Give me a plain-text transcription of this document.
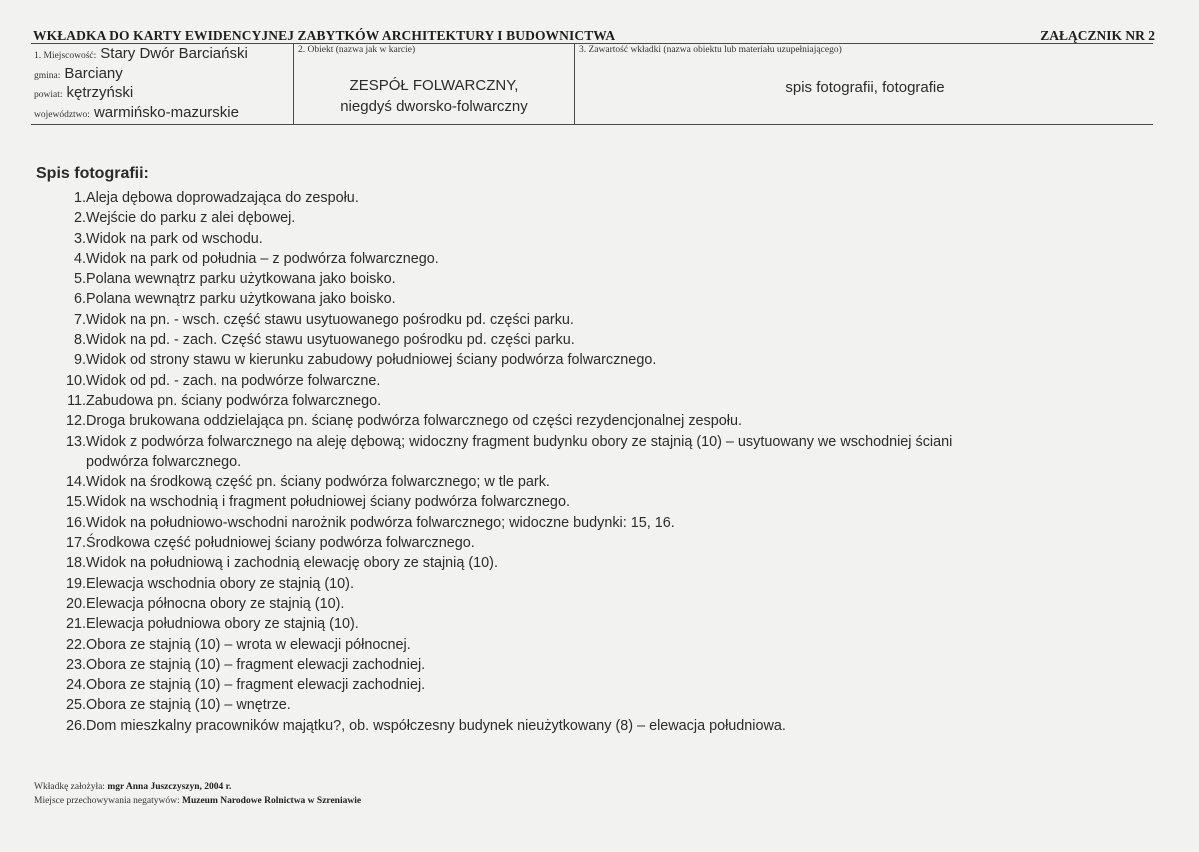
WKŁADKA DO KARTY EWIDENCYJNEJ ZABYTKÓW ARCHITEKTURY I BUDOWNICTWA	ZAŁĄCZNIK NR 2
1. Miejscowość: Stary Dwór Barciański
gmina: Barciany
powiat: kętrzyński
województwo: warmińsko-mazurskie
2. Obiekt (nazwa jak w karcie)
ZESPÓŁ FOLWARCZNY,
niegdyś dworsko-folwarczny
3. Zawartość wkładki (nazwa obiektu lub materiału uzupełniającego)
spis fotografii, fotografie
Spis fotografii:
1. Aleja dębowa doprowadzająca do zespołu.
2. Wejście do parku z alei dębowej.
3. Widok na park od wschodu.
4. Widok na park od południa – z podwórza folwarcznego.
5. Polana wewnątrz parku użytkowana jako boisko.
6. Polana wewnątrz parku użytkowana jako boisko.
7. Widok na pn. - wsch. część stawu usytuowanego pośrodku pd. części parku.
8. Widok na pd. - zach. Część stawu usytuowanego pośrodku pd. części parku.
9. Widok od strony stawu w kierunku zabudowy południowej ściany podwórza folwarcznego.
10. Widok od pd. - zach. na podwórze folwarczne.
11. Zabudowa pn. ściany podwórza folwarcznego.
12. Droga brukowana oddzielająca pn. ścianę podwórza folwarcznego od części rezydencjonalnej zespołu.
13. Widok z podwórza folwarcznego na aleję dębową; widoczny fragment budynku obory ze stajnią (10) – usytuowany we wschodniej ściani
podwórza folwarcznego.
14. Widok na środkową część pn. ściany podwórza folwarcznego; w tle park.
15. Widok na wschodnią i fragment południowej ściany podwórza folwarcznego.
16. Widok na południowo-wschodni narożnik podwórza folwarcznego; widoczne budynki: 15, 16.
17. Środkowa część południowej ściany podwórza folwarcznego.
18. Widok na południową i zachodnią elewację obory ze stajnią (10).
19. Elewacja wschodnia obory ze stajnią (10).
20. Elewacja północna obory ze stajnią (10).
21. Elewacja południowa obory ze stajnią (10).
22. Obora ze stajnią (10) – wrota w elewacji północnej.
23. Obora ze stajnią (10) – fragment elewacji zachodniej.
24. Obora ze stajnią (10) – fragment elewacji zachodniej.
25. Obora ze stajnią (10) – wnętrze.
26. Dom mieszkalny pracowników majątku?, ob. współczesny budynek nieużytkowany (8) – elewacja południowa.
Wkładkę założyła: mgr Anna Juszczyszyn, 2004 r.
Miejsce przechowywania negatywów: Muzeum Narodowe Rolnictwa w Szreniawie
